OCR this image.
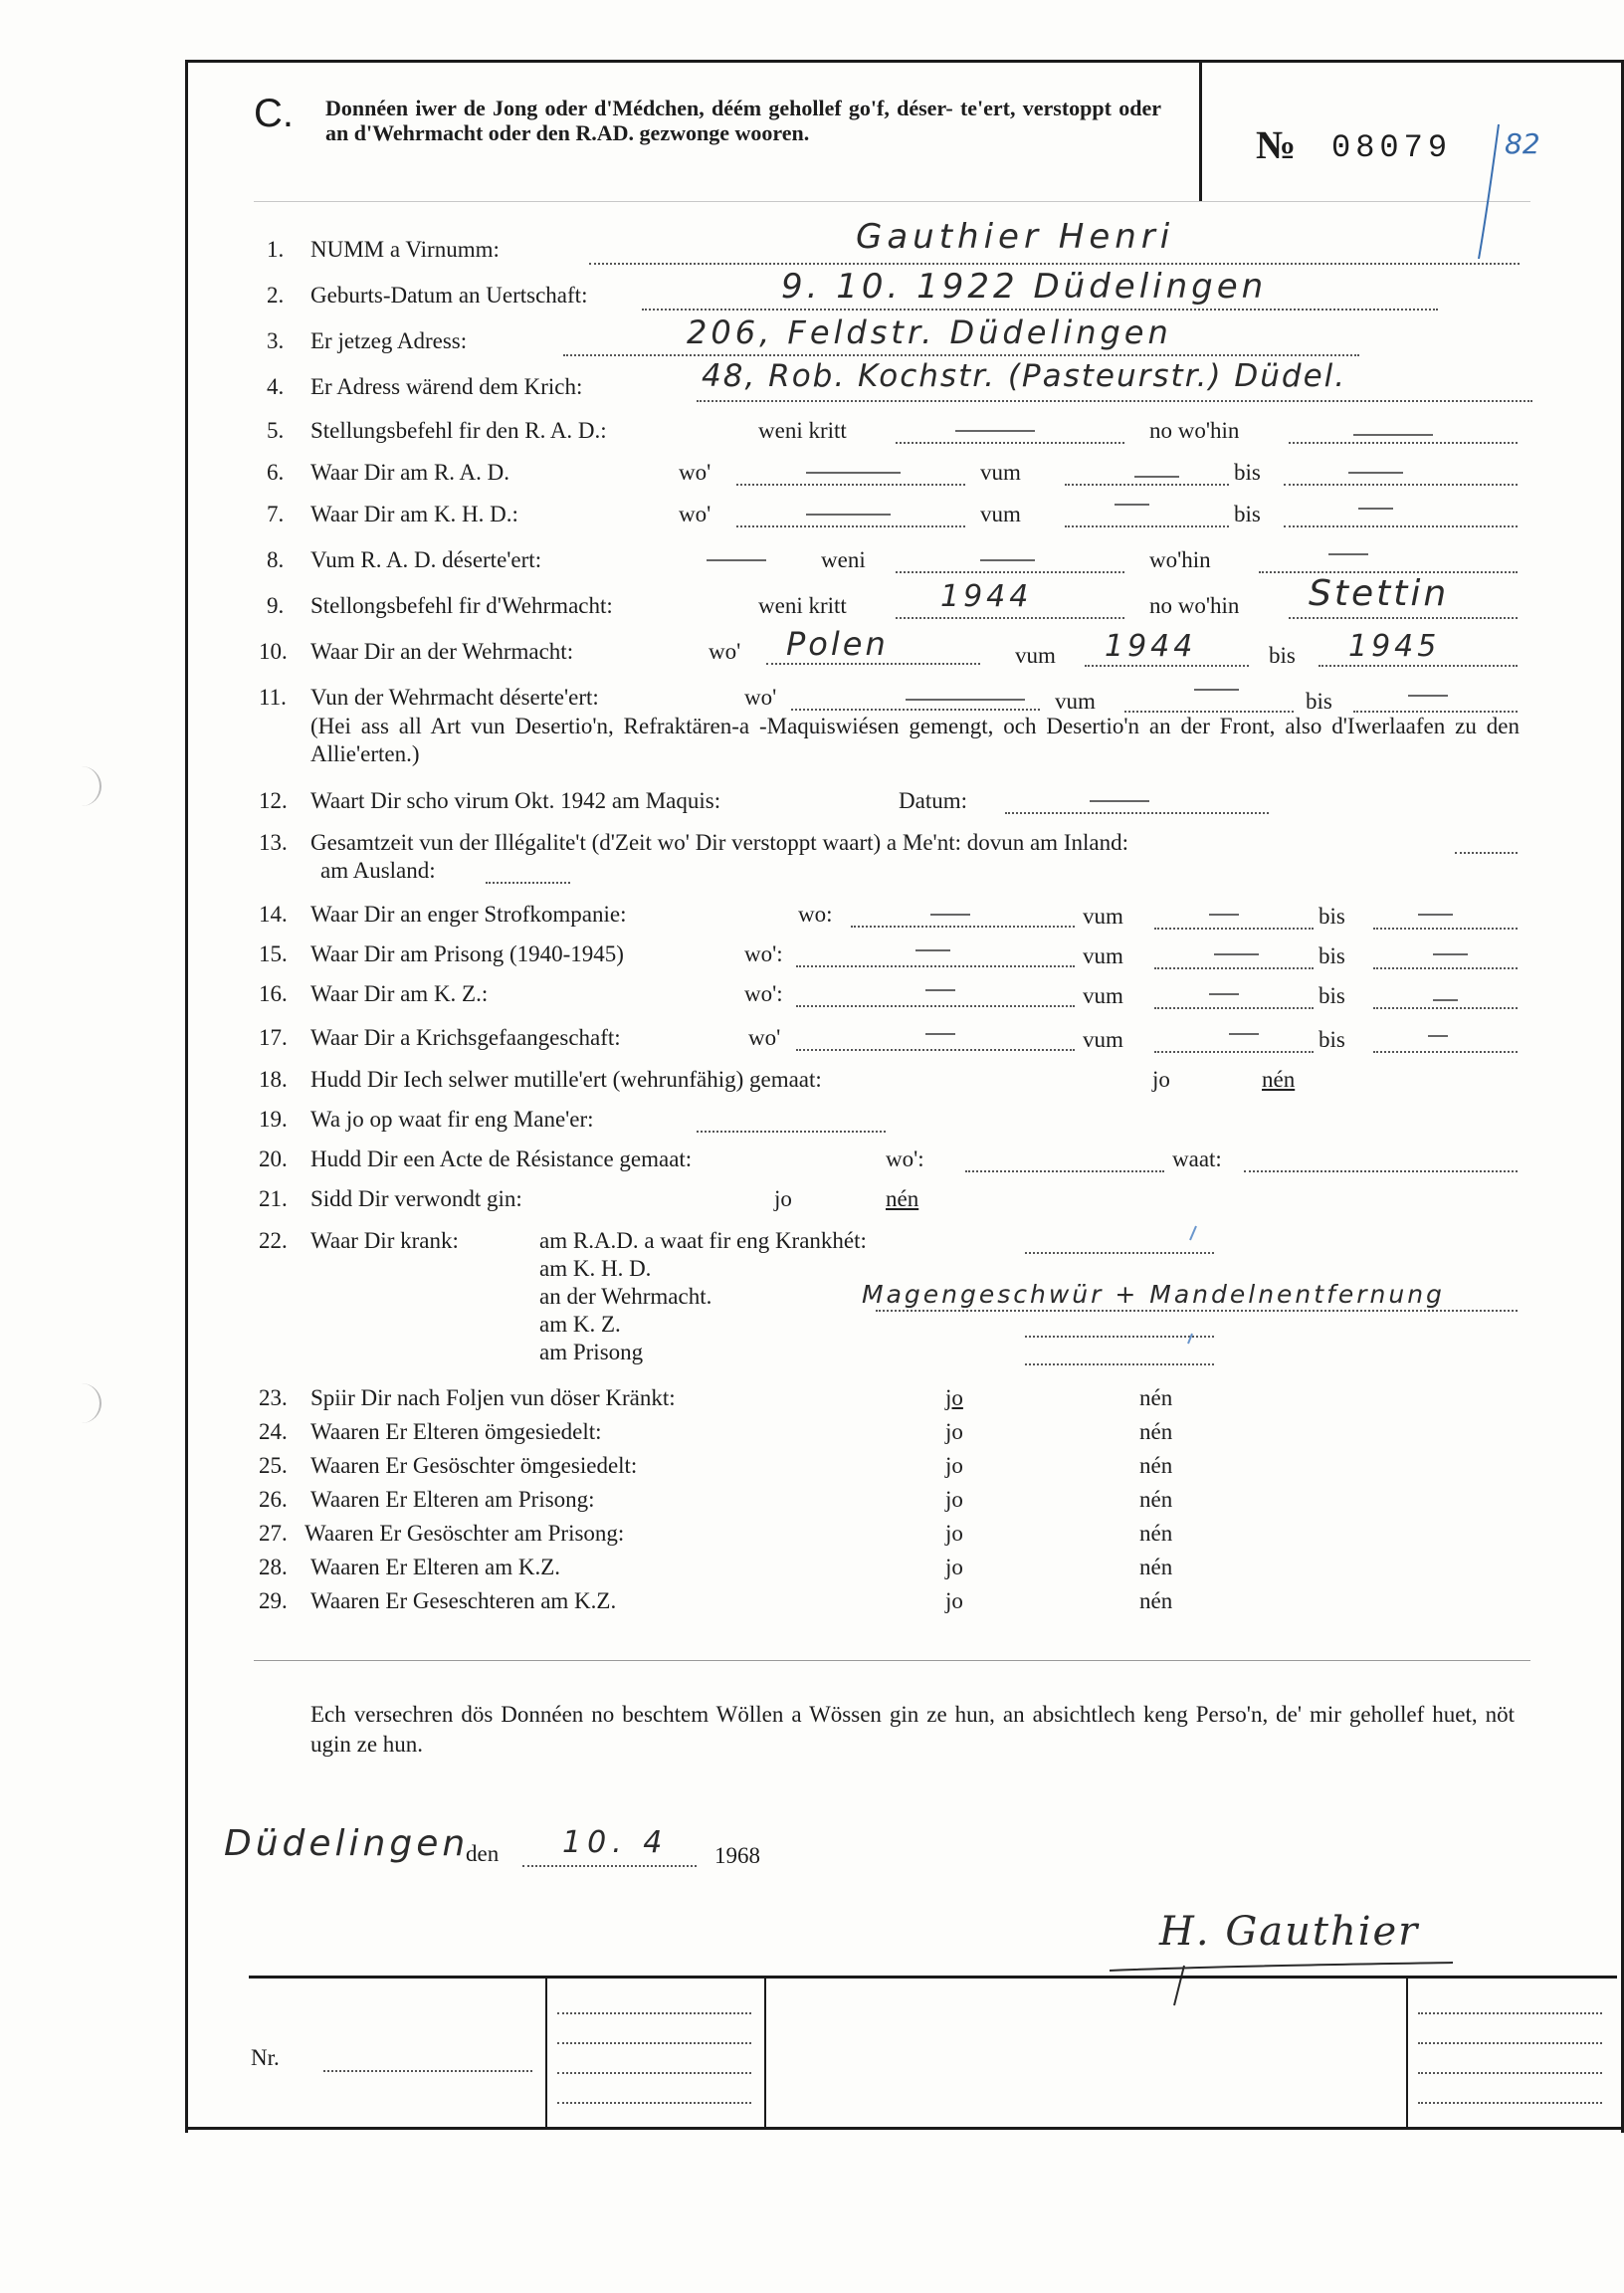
C. Donnéen iwer de Jong oder d'Médchen, déém gehollef go'f, déser- te'ert, verstoppt oder an d'Wehrmacht oder den R.AD. gezwonge wooren.	№ 08079 82
1. NUMM a Virnumm:	Gauthier Henri
2. Geburts-Datum an Uertschaft:	9. 10. 1922 Düdelingen
3. Er jetzeg Adress:	206, Feldstr. Düdelingen
4. Er Adress wärend dem Krich:	48, Rob. Kochstr. (Pasteurstr.) Düdel.
5. Stellungsbefehl fir den R. A. D.:	weni kritt	no wo'hin
6. Waar Dir am R. A. D.	wo'	vum	bis
7. Waar Dir am K. H. D.:	wo'	vum	bis
8. Vum R. A. D. déserte'ert:	weni	wo'hin
9. Stellongsbefehl fir d'Wehrmacht:	weni kritt	1944	no wo'hin Stettin
10. Waar Dir an der Wehrmacht:	wo' Polen	vum 1944	bis 1945
11. Vun der Wehrmacht déserte'ert:	wo'	vum	bis
(Hei ass all Art vun Desertio'n, Refraktären-a -Maquiswiésen gemengt, och Desertio'n an der Front, also d'Iwerlaafen zu den Allie'erten.)
12. Waart Dir scho virum Okt. 1942 am Maquis:	Datum:
13. Gesamtzeit vun der Illégalite't (d'Zeit wo' Dir verstoppt waart) a Me'nt: dovun am Inland:
am Ausland:
14. Waar Dir an enger Strofkompanie:	wo:	vum	bis
15. Waar Dir am Prisong (1940-1945)	wo':	vum	bis
16. Waar Dir am K. Z.:	wo':	vum	bis
17. Waar Dir a Krichsgefaangeschaft:	wo'	vum	bis
18. Hudd Dir Iech selwer mutille'ert (wehrunfähig) gemaat:	jo	nén
19. Wa jo op waat fir eng Mane'er:
20. Hudd Dir een Acte de Résistance gemaat:	wo':	waat:
21. Sidd Dir verwondt gin:	jo	nén
22. Waar Dir krank:	am R.A.D. a waat fir eng Krankhét:
am K. H. D.
an der Wehrmacht.	Magengeschwür + Mandelnentfernung
am K. Z.
am Prisong
23. Spiir Dir nach Foljen vun döser Kränkt:	jo	nén
24. Waaren Er Elteren ömgesiedelt:	jo	nén
25. Waaren Er Gesöschter ömgesiedelt:	jo	nén
26. Waaren Er Elteren am Prisong:	jo	nén
27. Waaren Er Gesöschter am Prisong:	jo	nén
28. Waaren Er Elteren am K.Z.	jo	nén
29. Waaren Er Geseschteren am K.Z.	jo	nén
Ech versechren dös Donnéen no beschtem Wöllen a Wössen gin ze hun, an absichtlech keng Perso'n, de' mir gehollef huet, nöt ugin ze hun.
Düdelingen
den 10. 4 1968
H. Gauthier
Nr.
